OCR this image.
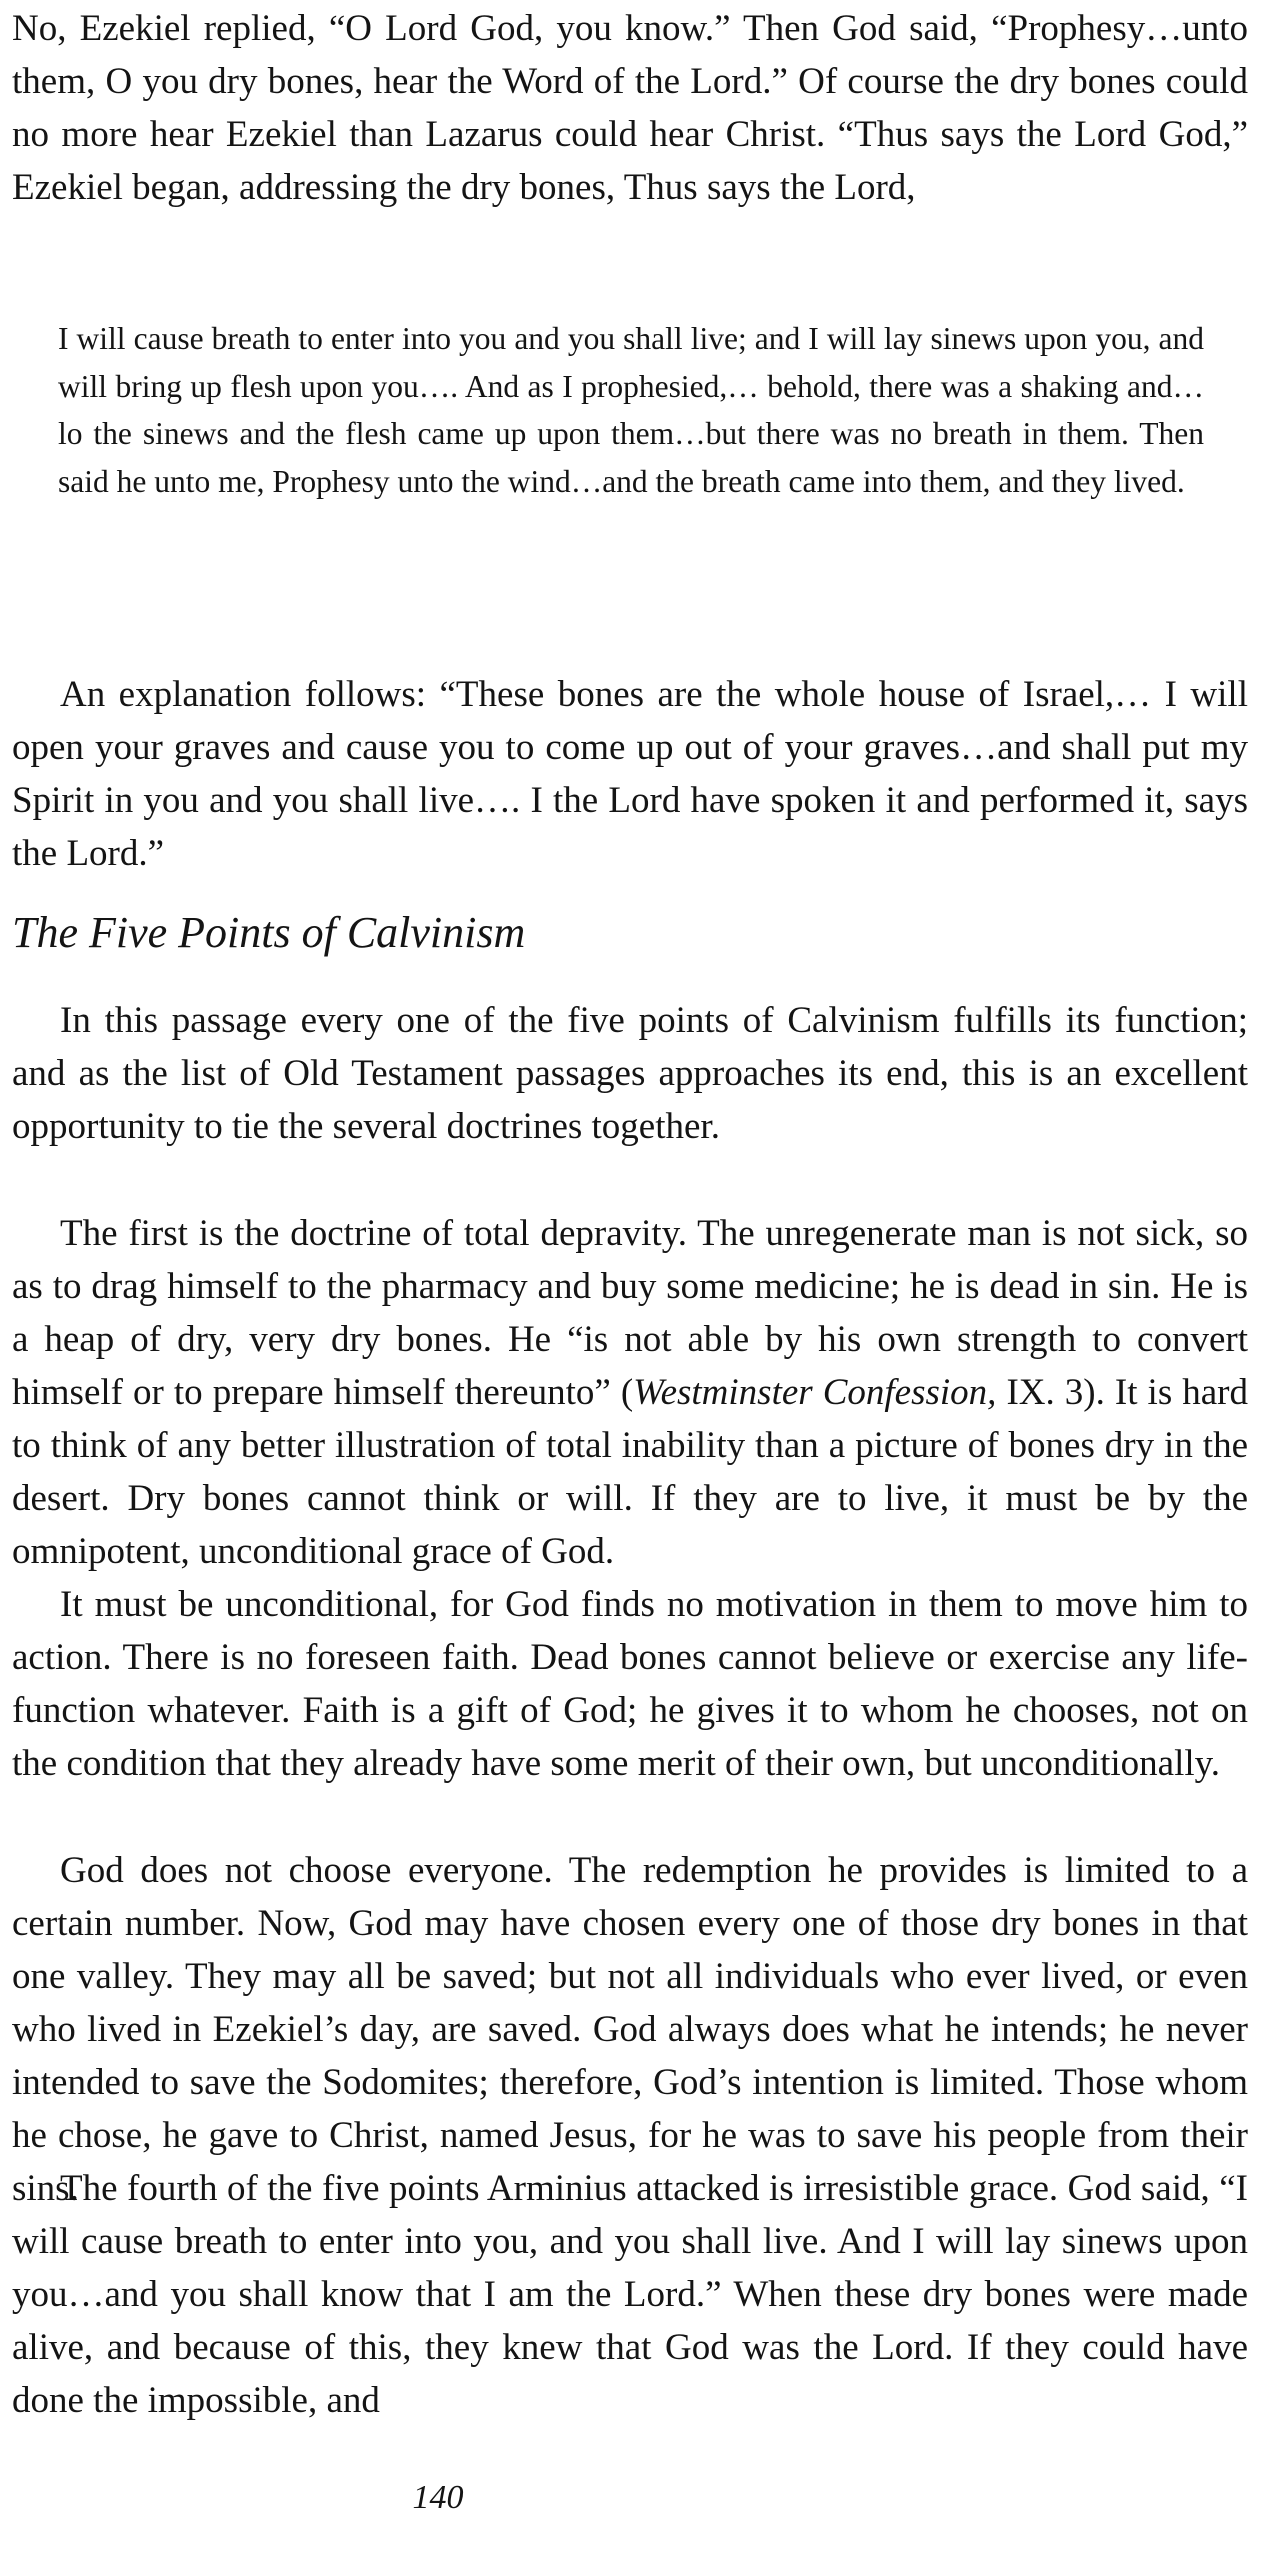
No, Ezekiel replied, “O Lord God, you know.” Then God said, “Prophesy…unto them, O you dry bones, hear the Word of the Lord.” Of course the dry bones could no more hear Ezekiel than Lazarus could hear Christ. “Thus says the Lord God,” Ezekiel began, addressing the dry bones, Thus says the Lord,

I will cause breath to enter into you and you shall live; and I will lay sinews upon you, and will bring up flesh upon you…. And as I prophesied,… behold, there was a shaking and…lo the sinews and the flesh came up upon them…but there was no breath in them. Then said he unto me, Prophesy unto the wind…and the breath came into them, and they lived.

An explanation follows: “These bones are the whole house of Israel,… I will open your graves and cause you to come up out of your graves…and shall put my Spirit in you and you shall live…. I the Lord have spoken it and performed it, says the Lord.”

The Five Points of Calvinism

In this passage every one of the five points of Calvinism fulfills its function; and as the list of Old Testament passages approaches its end, this is an excellent opportunity to tie the several doctrines together.

The first is the doctrine of total depravity. The unregenerate man is not sick, so as to drag himself to the pharmacy and buy some medicine; he is dead in sin. He is a heap of dry, very dry bones. He “is not able by his own strength to convert himself or to prepare himself thereunto” (Westminster Confession, IX. 3). It is hard to think of any better illustration of total inability than a picture of bones dry in the desert. Dry bones cannot think or will. If they are to live, it must be by the omnipotent, unconditional grace of God.

It must be unconditional, for God finds no motivation in them to move him to action. There is no foreseen faith. Dead bones cannot believe or exercise any life-function whatever. Faith is a gift of God; he gives it to whom he chooses, not on the condition that they already have some merit of their own, but unconditionally.

God does not choose everyone. The redemption he provides is limited to a certain number. Now, God may have chosen every one of those dry bones in that one valley. They may all be saved; but not all individuals who ever lived, or even who lived in Ezekiel’s day, are saved. God always does what he intends; he never intended to save the Sodomites; therefore, God’s intention is limited. Those whom he chose, he gave to Christ, named Jesus, for he was to save his people from their sins.

The fourth of the five points Arminius attacked is irresistible grace. God said, “I will cause breath to enter into you, and you shall live. And I will lay sinews upon you…and you shall know that I am the Lord.” When these dry bones were made alive, and because of this, they knew that God was the Lord. If they could have done the impossible, and

140
